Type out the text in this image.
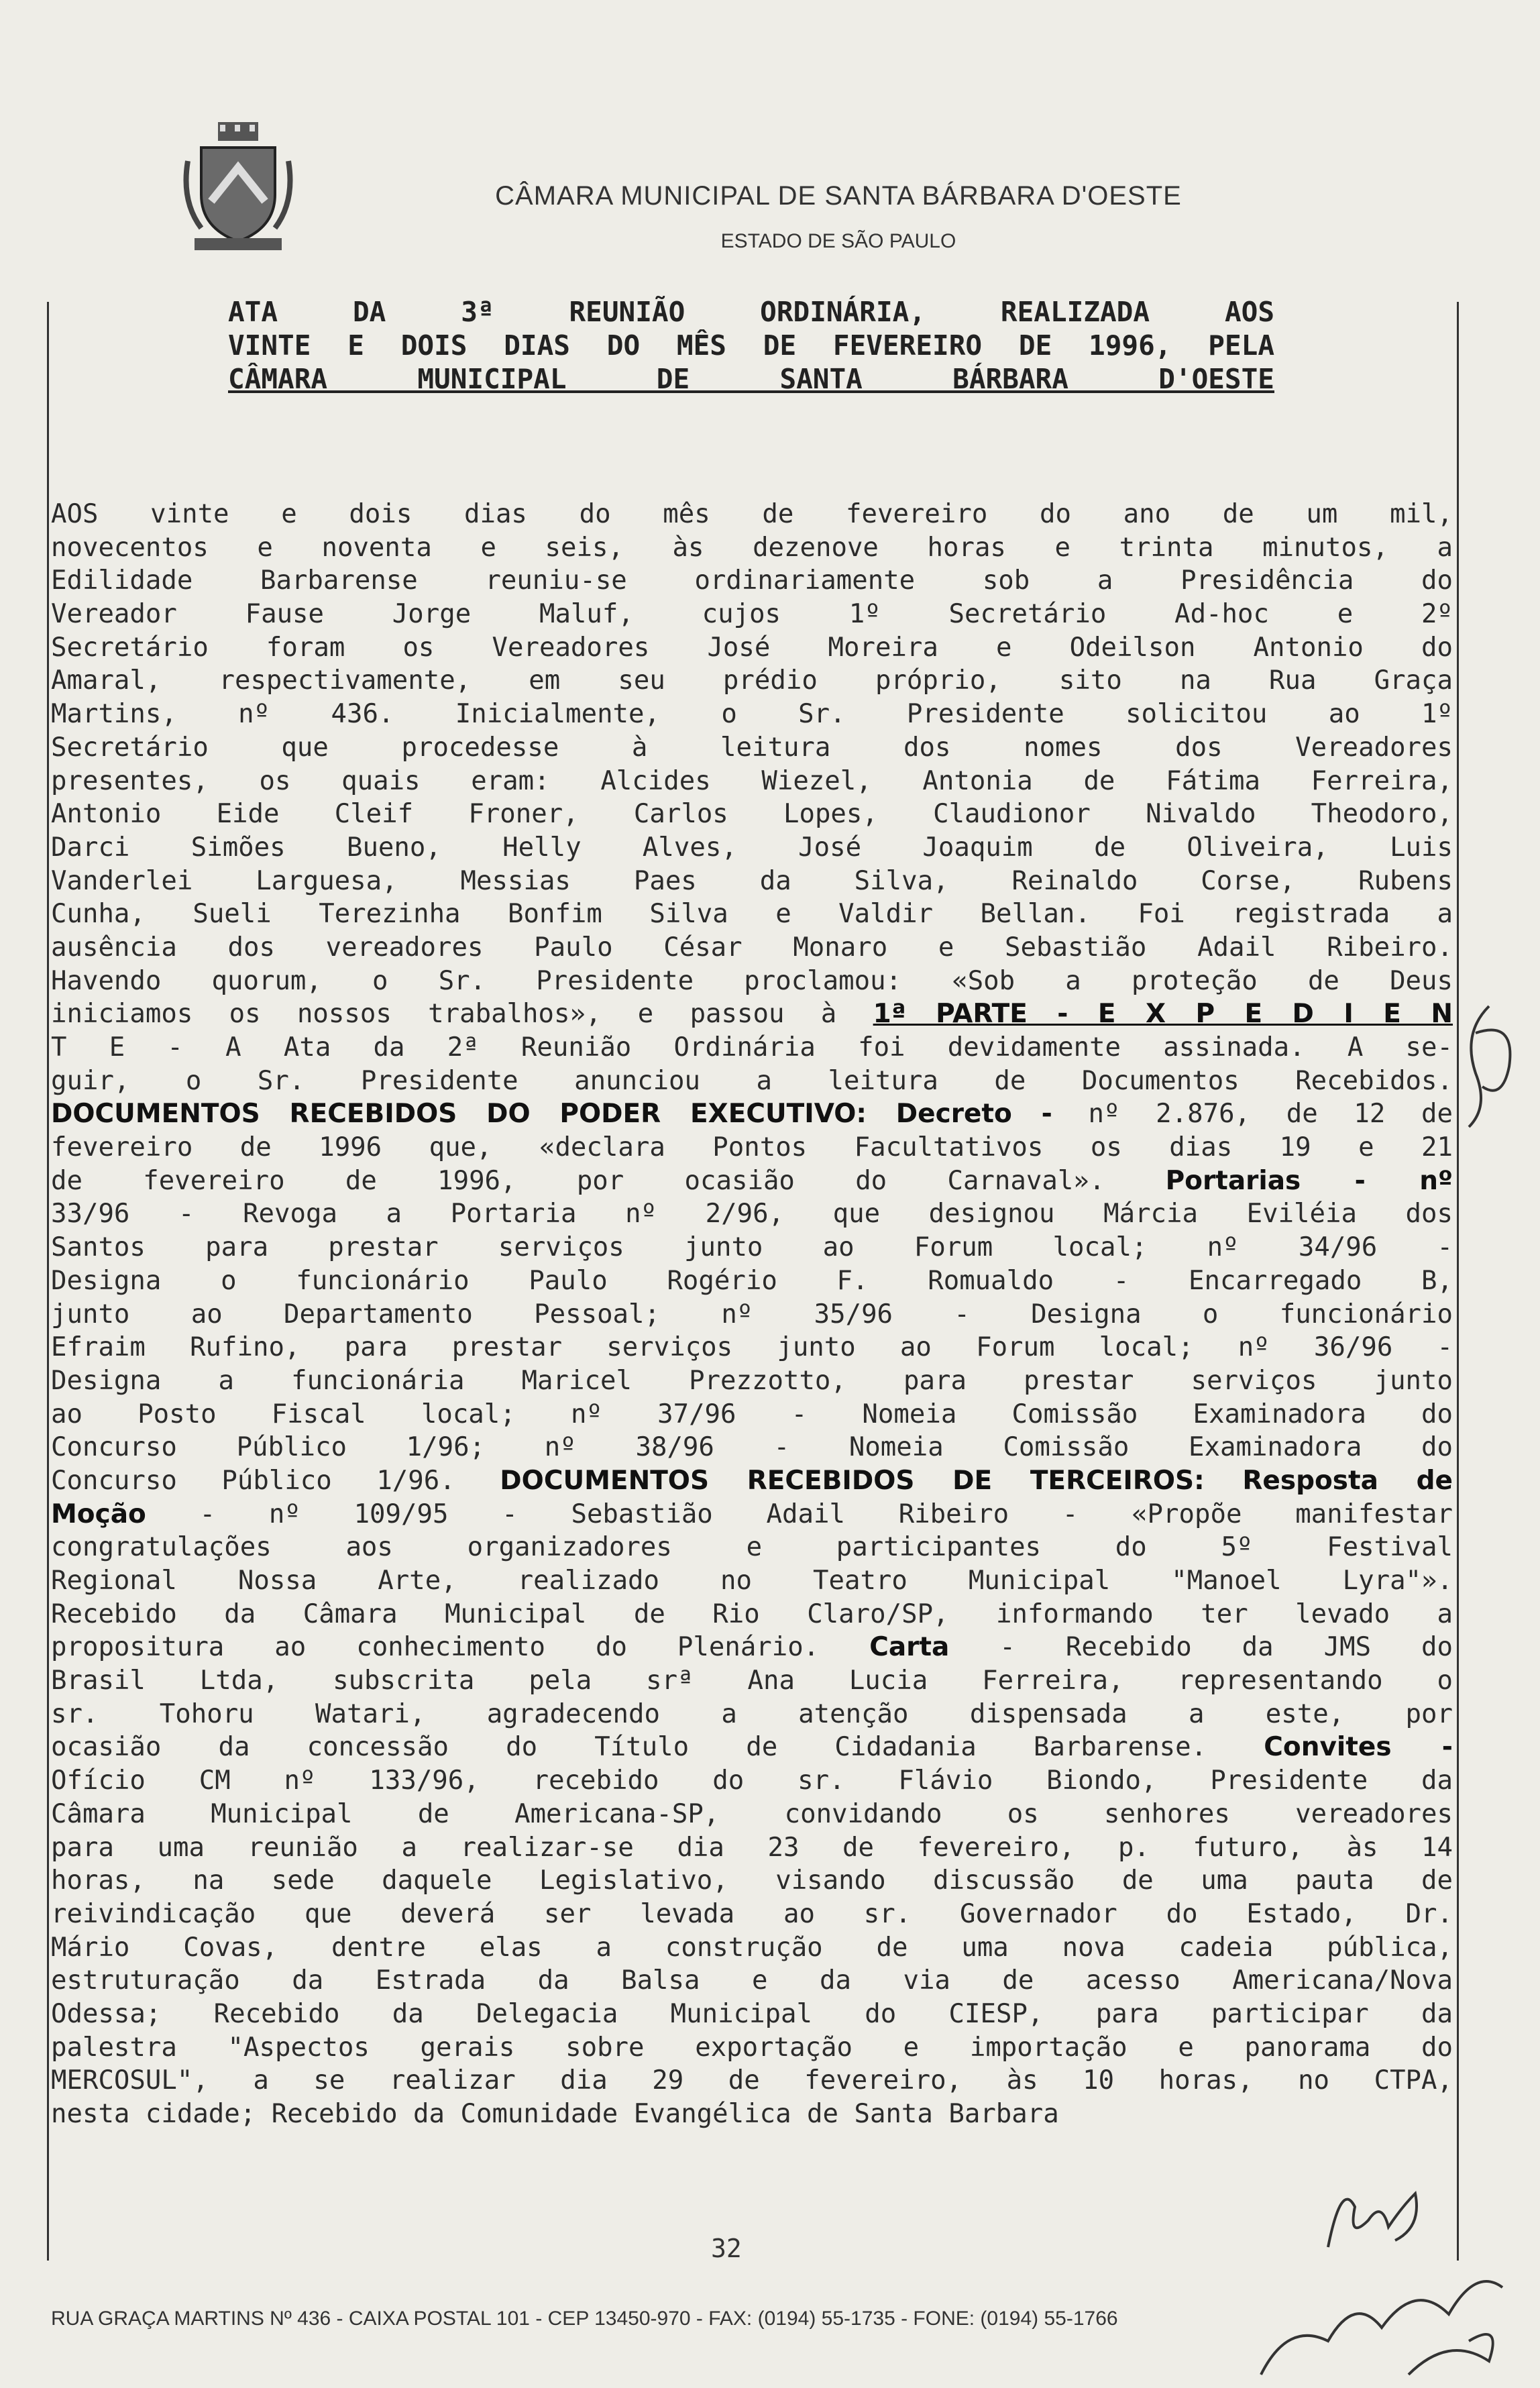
CÂMARA MUNICIPAL DE SANTA BÁRBARA D'OESTE
ESTADO DE SÃO PAULO
ATA DA 3ª REUNIÃO ORDINÁRIA, REALIZADA AOS
VINTE E DOIS DIAS DO MÊS DE FEVEREIRO DE 1996, PELA
CÂMARA MUNICIPAL DE SANTA BÁRBARA D'OESTE
AOS vinte e dois dias do mês de fevereiro do ano de um mil,
novecentos e noventa e seis, às dezenove horas e trinta minutos, a
Edilidade Barbarense reuniu-se ordinariamente sob a Presidência do
Vereador Fause Jorge Maluf, cujos 1º Secretário Ad-hoc e 2º
Secretário foram os Vereadores José Moreira e Odeilson Antonio do
Amaral, respectivamente, em seu prédio próprio, sito na Rua Graça
Martins, nº 436. Inicialmente, o Sr. Presidente solicitou ao 1º
Secretário que procedesse à leitura dos nomes dos Vereadores
presentes, os quais eram: Alcides Wiezel, Antonia de Fátima Ferreira,
Antonio Eide Cleif Froner, Carlos Lopes, Claudionor Nivaldo Theodoro,
Darci Simões Bueno, Helly Alves, José Joaquim de Oliveira, Luis
Vanderlei Larguesa, Messias Paes da Silva, Reinaldo Corse, Rubens
Cunha, Sueli Terezinha Bonfim Silva e Valdir Bellan. Foi registrada a
ausência dos vereadores Paulo César Monaro e Sebastião Adail Ribeiro.
Havendo quorum, o Sr. Presidente proclamou: «Sob a proteção de Deus
iniciamos os nossos trabalhos», e passou à 1ª PARTE - E X P E D I E N
T E - A Ata da 2ª Reunião Ordinária foi devidamente assinada. A se-
guir, o Sr. Presidente anunciou a leitura de Documentos Recebidos.
DOCUMENTOS RECEBIDOS DO PODER EXECUTIVO: Decreto - nº 2.876, de 12 de
fevereiro de 1996 que, «declara Pontos Facultativos os dias 19 e 21
de fevereiro de 1996, por ocasião do Carnaval». Portarias - nº
33/96 - Revoga a Portaria nº 2/96, que designou Márcia Eviléia dos
Santos para prestar serviços junto ao Forum local; nº 34/96 -
Designa o funcionário Paulo Rogério F. Romualdo - Encarregado B,
junto ao Departamento Pessoal; nº 35/96 - Designa o funcionário
Efraim Rufino, para prestar serviços junto ao Forum local; nº 36/96 -
Designa a funcionária Maricel Prezzotto, para prestar serviços junto
ao Posto Fiscal local; nº 37/96 - Nomeia Comissão Examinadora do
Concurso Público 1/96; nº 38/96 - Nomeia Comissão Examinadora do
Concurso Público 1/96. DOCUMENTOS RECEBIDOS DE TERCEIROS: Resposta de
Moção - nº 109/95 - Sebastião Adail Ribeiro - «Propõe manifestar
congratulações aos organizadores e participantes do 5º Festival
Regional Nossa Arte, realizado no Teatro Municipal "Manoel Lyra"».
Recebido da Câmara Municipal de Rio Claro/SP, informando ter levado a
propositura ao conhecimento do Plenário. Carta - Recebido da JMS do
Brasil Ltda, subscrita pela srª Ana Lucia Ferreira, representando o
sr. Tohoru Watari, agradecendo a atenção dispensada a este, por
ocasião da concessão do Título de Cidadania Barbarense. Convites -
Ofício CM nº 133/96, recebido do sr. Flávio Biondo, Presidente da
Câmara Municipal de Americana-SP, convidando os senhores vereadores
para uma reunião a realizar-se dia 23 de fevereiro, p. futuro, às 14
horas, na sede daquele Legislativo, visando discussão de uma pauta de
reivindicação que deverá ser levada ao sr. Governador do Estado, Dr.
Mário Covas, dentre elas a construção de uma nova cadeia pública,
estruturação da Estrada da Balsa e da via de acesso Americana/Nova
Odessa; Recebido da Delegacia Municipal do CIESP, para participar da
palestra "Aspectos gerais sobre exportação e importação e panorama do
MERCOSUL", a se realizar dia 29 de fevereiro, às 10 horas, no CTPA,
nesta cidade; Recebido da Comunidade Evangélica de Santa Barbara
32
RUA GRAÇA MARTINS Nº 436 - CAIXA POSTAL 101 - CEP 13450-970 - FAX: (0194) 55-1735 - FONE: (0194) 55-1766
